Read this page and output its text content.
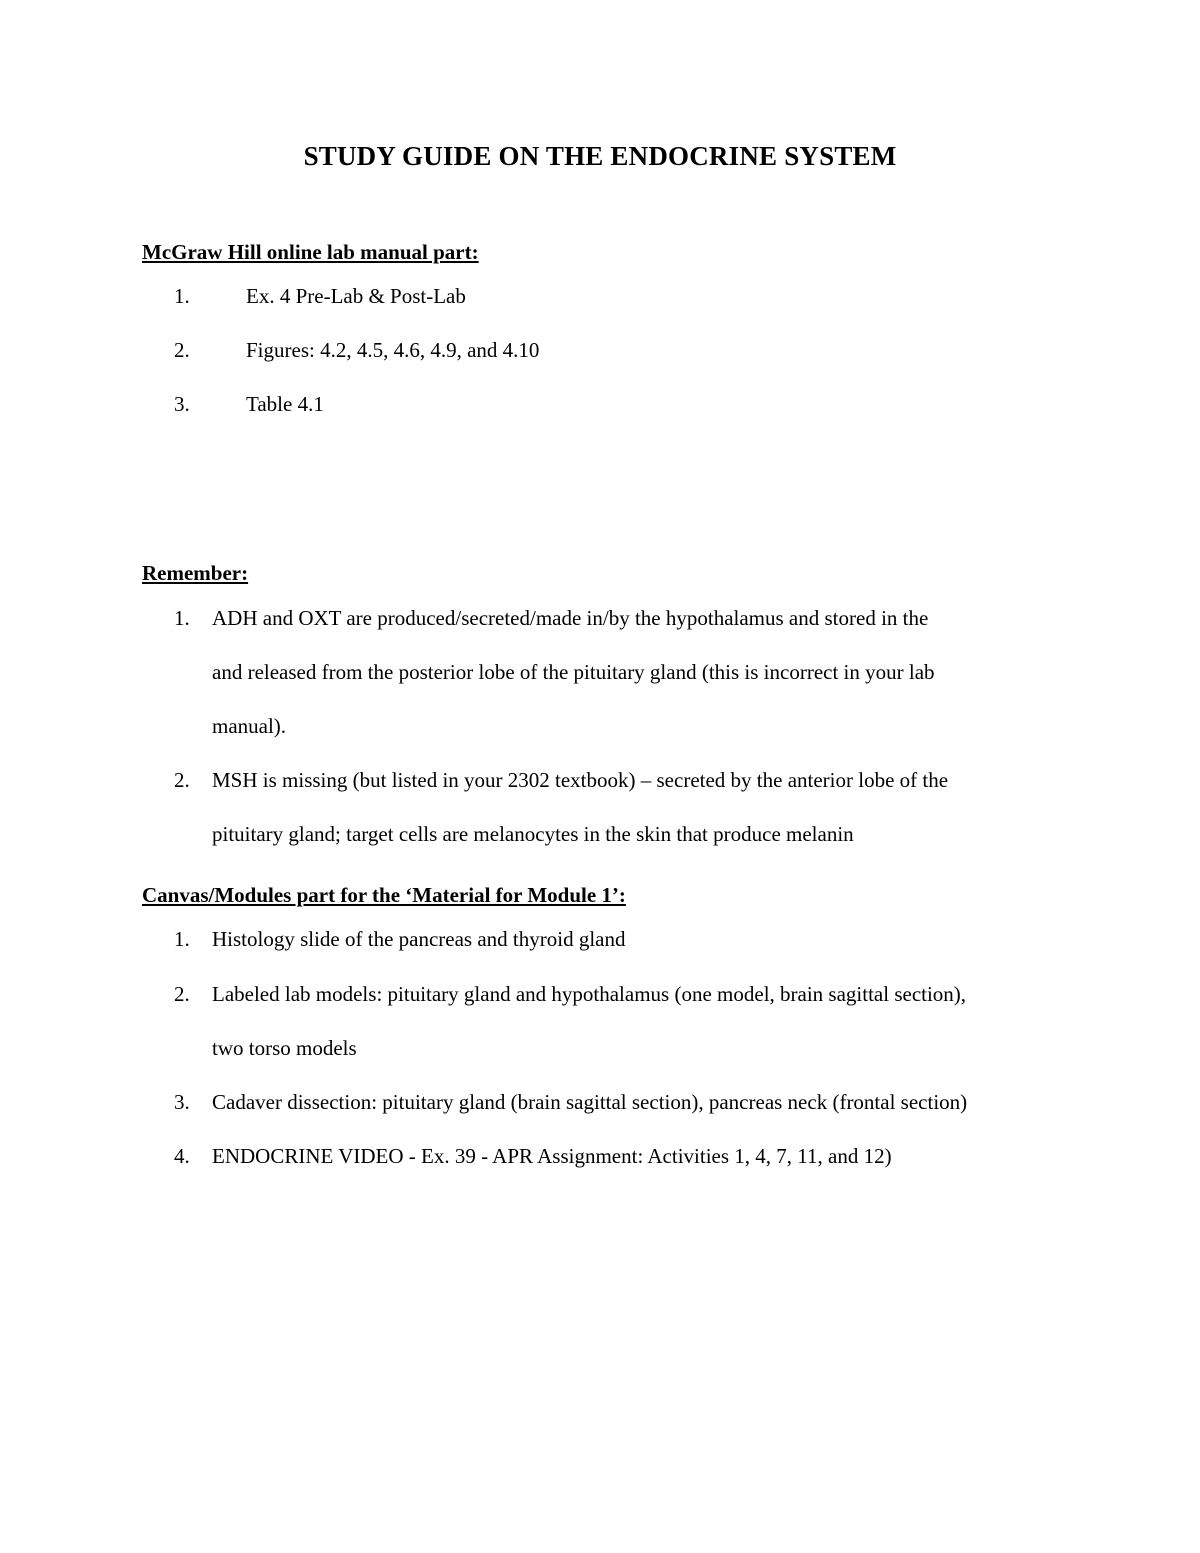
STUDY GUIDE ON THE ENDOCRINE SYSTEM
McGraw Hill online lab manual part:
1.	Ex. 4 Pre-Lab & Post-Lab
2.	Figures: 4.2, 4.5, 4.6, 4.9, and 4.10
3.	Table 4.1
Remember:
1. ADH and OXT are produced/secreted/made in/by the hypothalamus and stored in the
and released from the posterior lobe of the pituitary gland (this is incorrect in your lab
manual).
2. MSH is missing (but listed in your 2302 textbook) – secreted by the anterior lobe of the
pituitary gland; target cells are melanocytes in the skin that produce melanin
Canvas/Modules part for the ‘Material for Module 1’:
1. Histology slide of the pancreas and thyroid gland
2. Labeled lab models: pituitary gland and hypothalamus (one model, brain sagittal section),
two torso models
3. Cadaver dissection: pituitary gland (brain sagittal section), pancreas neck (frontal section)
4. ENDOCRINE VIDEO - Ex. 39 - APR Assignment: Activities 1, 4, 7, 11, and 12)
